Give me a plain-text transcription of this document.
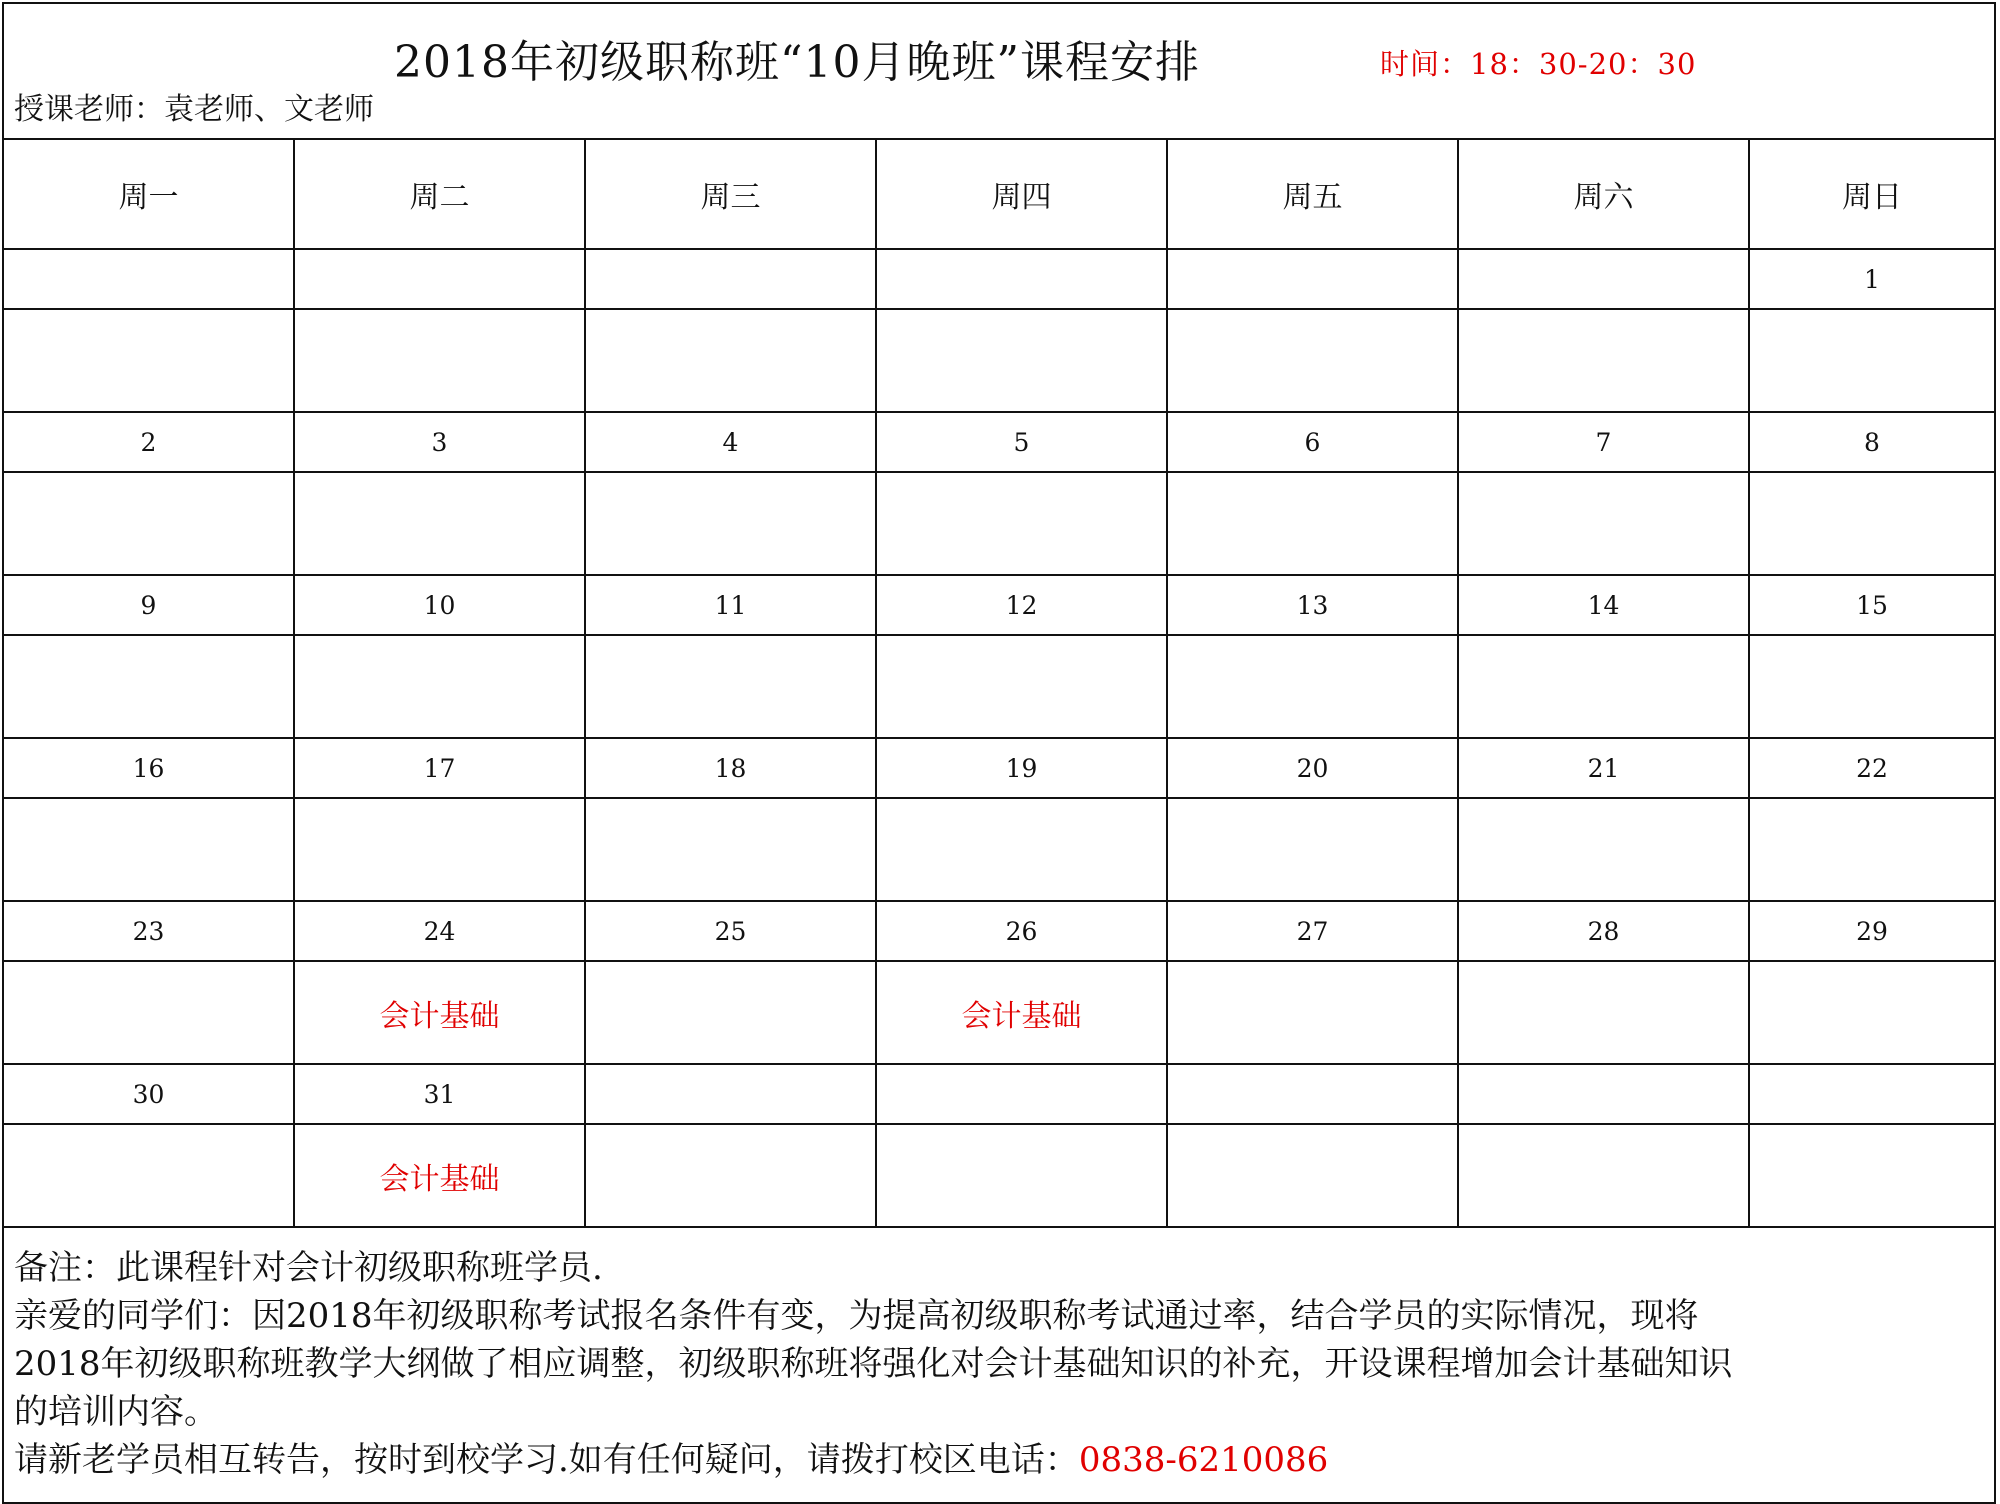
2018年初级职称班“10月晚班”课程安排	时间：18：30-20：30
授课老师：袁老师、文老师
周一	周二	周三	周四	周五	周六	周日
						1

2	3	4	5	6	7	8

9	10	11	12	13	14	15

16	17	18	19	20	21	22

23	24	25	26	27	28	29
	会计基础		会计基础			
30	31					
	会计基础					
备注：此课程针对会计初级职称班学员.
亲爱的同学们：因2018年初级职称考试报名条件有变，为提高初级职称考试通过率，结合学员的实际情况，现将
2018年初级职称班教学大纲做了相应调整，初级职称班将强化对会计基础知识的补充，开设课程增加会计基础知识
的培训内容。
请新老学员相互转告，按时到校学习.如有任何疑问，请拨打校区电话：0838-6210086
